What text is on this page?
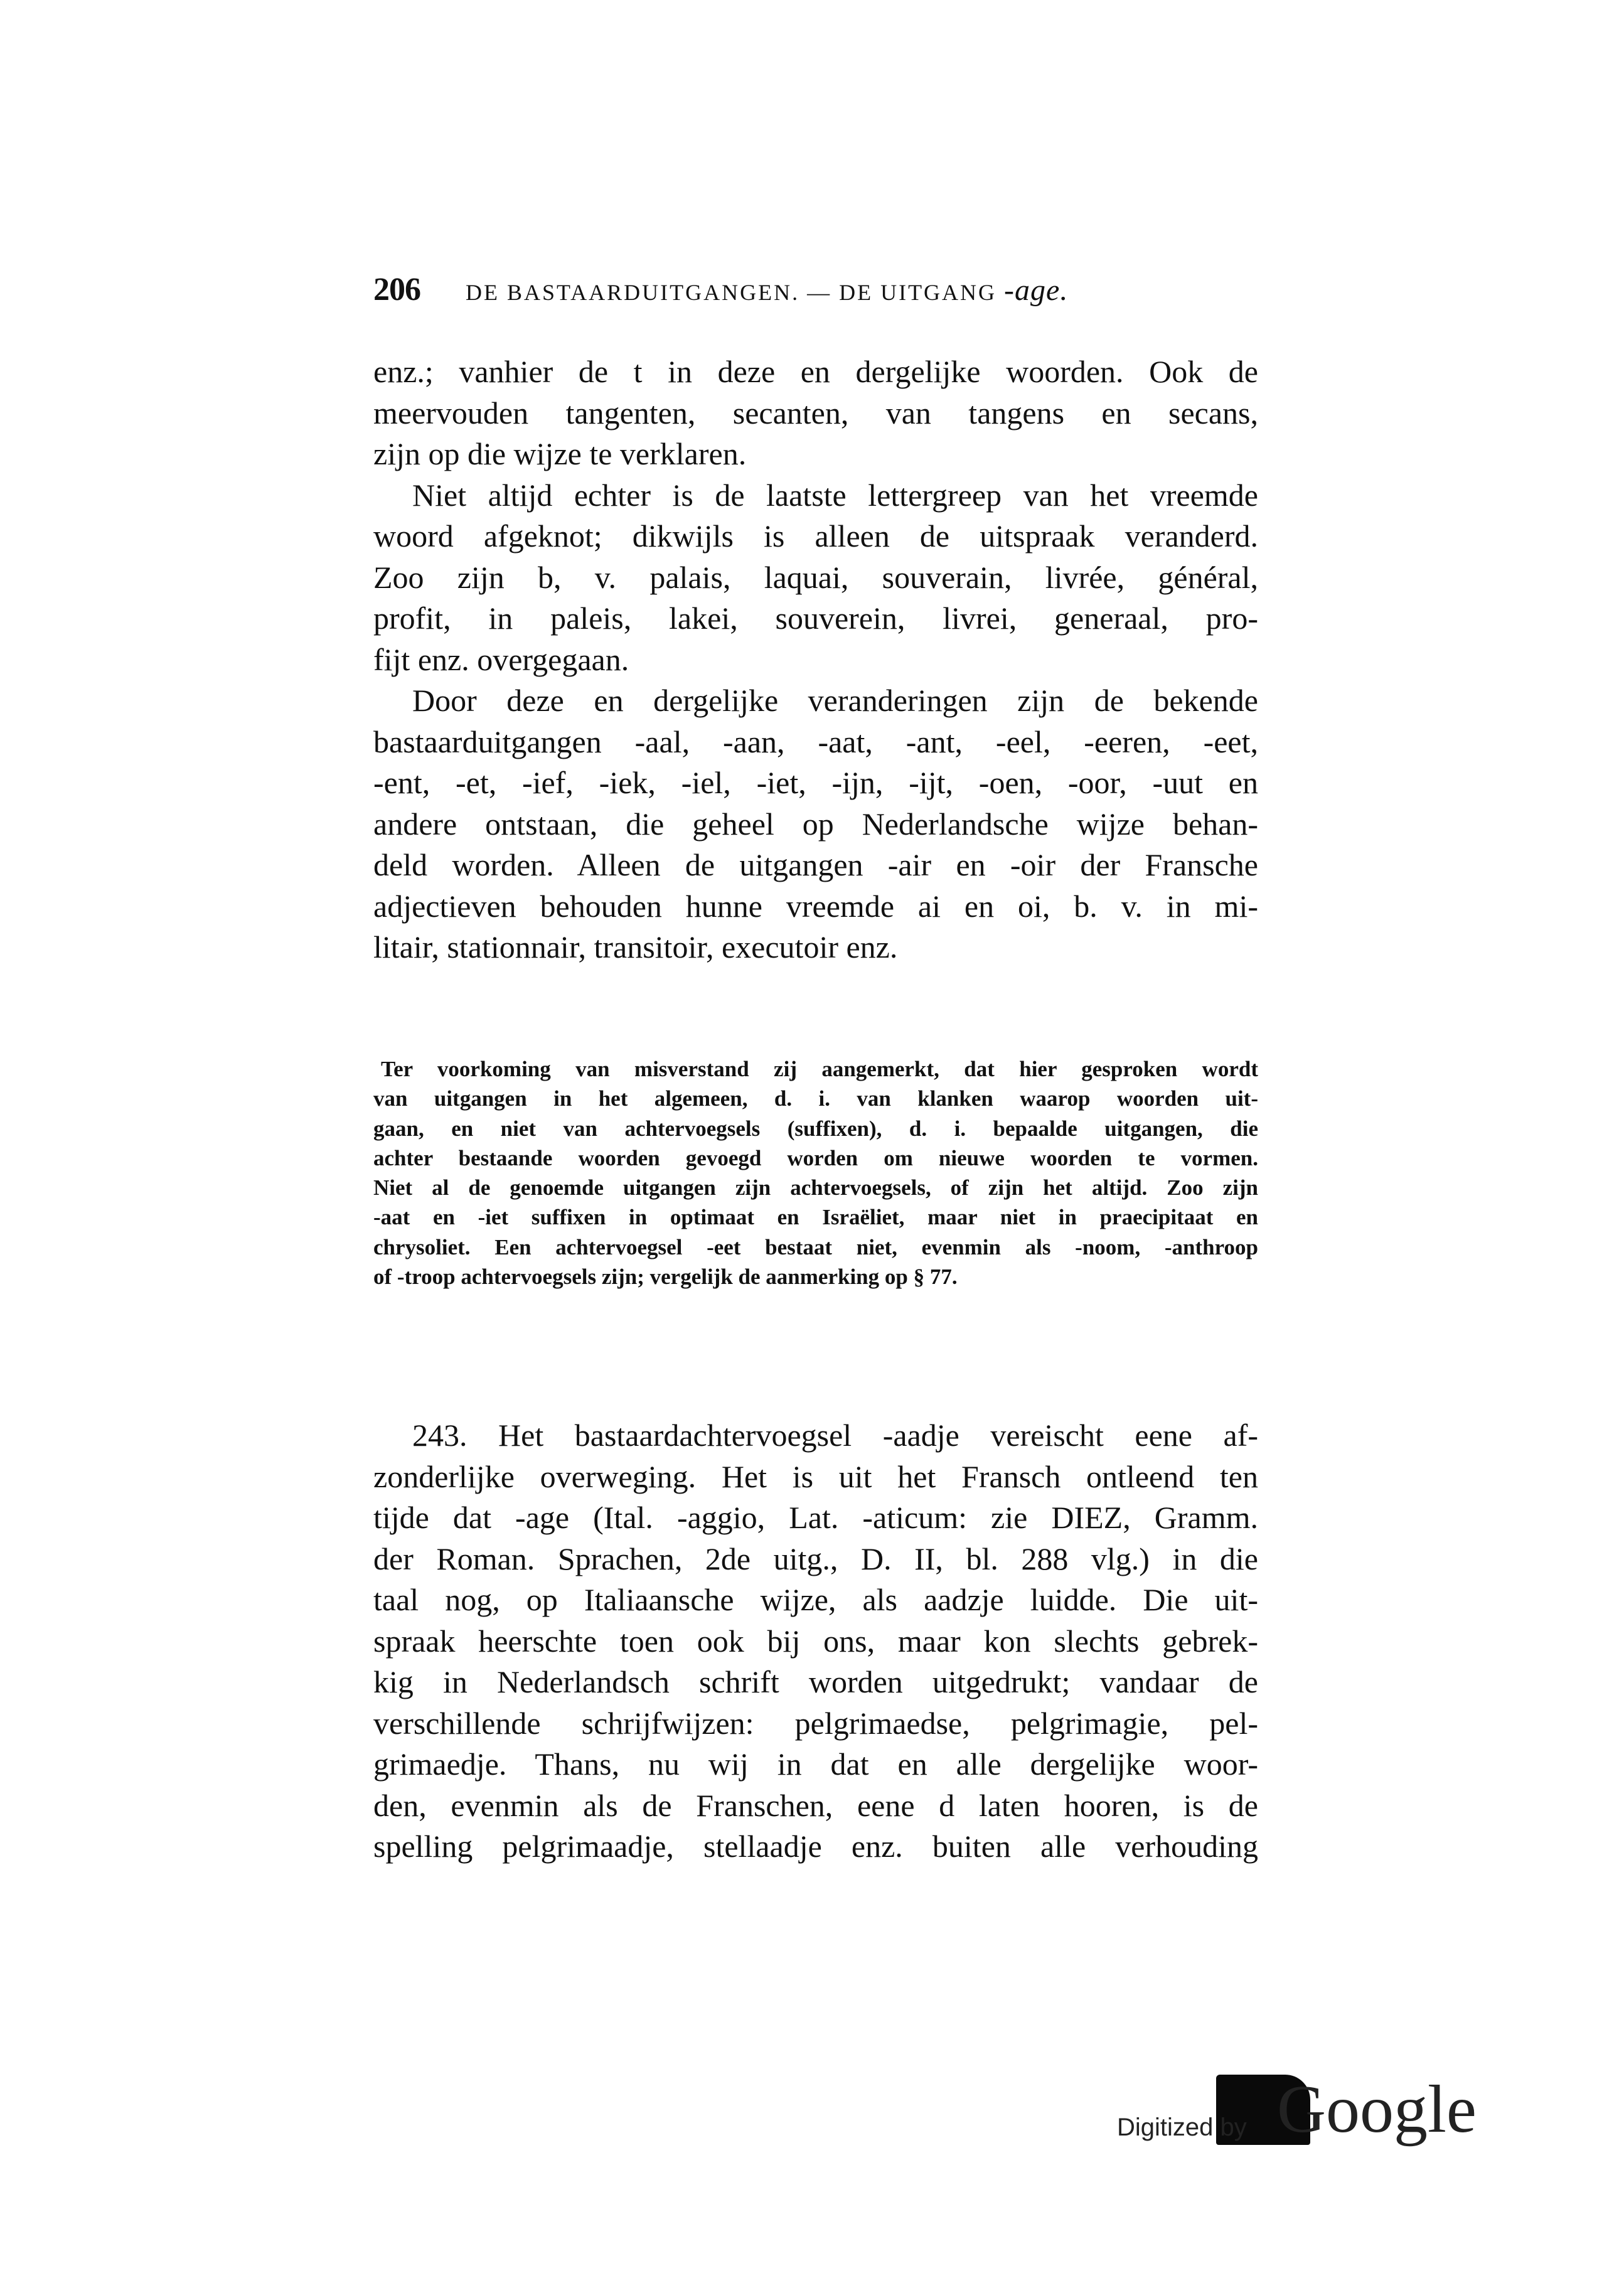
206 DE BASTAARDUITGANGEN. — DE UITGANG -age.
enz.; vanhier de t in deze en dergelijke woorden. Ook de
meervouden tangenten, secanten, van tangens en secans,
zijn op die wijze te verklaren.
Niet altijd echter is de laatste lettergreep van het vreemde
woord afgeknot; dikwijls is alleen de uitspraak veranderd.
Zoo zijn b, v. palais, laquai, souverain, livrée, général,
profit, in paleis, lakei, souverein, livrei, generaal, pro-
fijt enz. overgegaan.
Door deze en dergelijke veranderingen zijn de bekende
bastaarduitgangen -aal, -aan, -aat, -ant, -eel, -eeren, -eet,
-ent, -et, -ief, -iek, -iel, -iet, -ijn, -ijt, -oen, -oor, -uut en
andere ontstaan, die geheel op Nederlandsche wijze behan-
deld worden. Alleen de uitgangen -air en -oir der Fransche
adjectieven behouden hunne vreemde ai en oi, b. v. in mi-
litair, stationnair, transitoir, executoir enz.
Ter voorkoming van misverstand zij aangemerkt, dat hier gesproken wordt
van uitgangen in het algemeen, d. i. van klanken waarop woorden uit-
gaan, en niet van achtervoegsels (suffixen), d. i. bepaalde uitgangen, die
achter bestaande woorden gevoegd worden om nieuwe woorden te vormen.
Niet al de genoemde uitgangen zijn achtervoegsels, of zijn het altijd. Zoo zijn
-aat en -iet suffixen in optimaat en Israëliet, maar niet in praecipitaat en
chrysoliet. Een achtervoegsel -eet bestaat niet, evenmin als -noom, -anthroop
of -troop achtervoegsels zijn; vergelijk de aanmerking op § 77.
243. Het bastaardachtervoegsel -aadje vereischt eene af-
zonderlijke overweging. Het is uit het Fransch ontleend ten
tijde dat -age (Ital. -aggio, Lat. -aticum: zie DIEZ, Gramm.
der Roman. Sprachen, 2de uitg., D. II, bl. 288 vlg.) in die
taal nog, op Italiaansche wijze, als aadzje luidde. Die uit-
spraak heerschte toen ook bij ons, maar kon slechts gebrek-
kig in Nederlandsch schrift worden uitgedrukt; vandaar de
verschillende schrijfwijzen: pelgrimaedse, pelgrimagie, pel-
grimaedje. Thans, nu wij in dat en alle dergelijke woor-
den, evenmin als de Franschen, eene d laten hooren, is de
spelling pelgrimaadje, stellaadje enz. buiten alle verhouding
Digitized by Google
